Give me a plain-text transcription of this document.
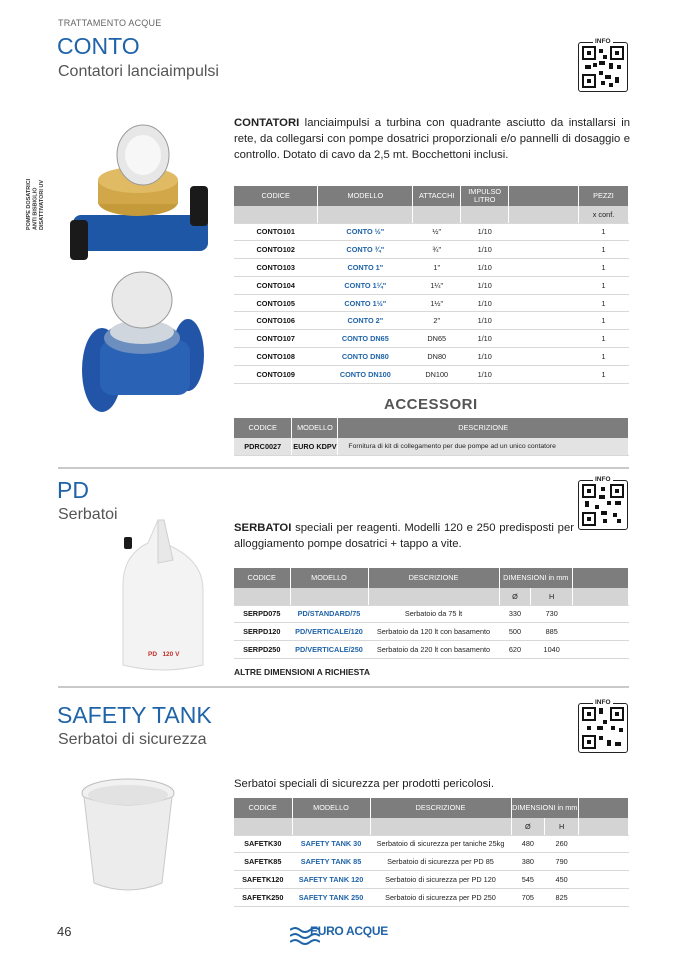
TRATTAMENTO ACQUE
POMPE DOSATRICI
ANTI BISBIGLIO
DISATTIVATORI UV
CONTO
Contatori lanciaimpulsi
INFO
CONTATORI lanciaimpulsi a turbina con quadrante asciutto da installarsi in rete, da collegarsi con pompe dosatrici proporzionali e/o pannelli di dosaggio e controllo. Dotato di cavo da 2,5 mt. Bocchettoni inclusi.
CODICE	MODELLO	ATTACCHI	IMPULSO LITRO		PEZZI
					x conf.
CONTO101	CONTO ½"	½"	1/10		1
CONTO102	CONTO ¾"	¾"	1/10		1
CONTO103	CONTO 1"	1"	1/10		1
CONTO104	CONTO 1¼"	1¼"	1/10		1
CONTO105	CONTO 1½"	1½"	1/10		1
CONTO106	CONTO 2"	2"	1/10		1
CONTO107	CONTO DN65	DN65	1/10		1
CONTO108	CONTO DN80	DN80	1/10		1
CONTO109	CONTO DN100	DN100	1/10		1
ACCESSORI
CODICE	MODELLO	DESCRIZIONE
PDRC0027	EURO KDPV	Fornitura di kit di collegamento per due pompe ad un unico contatore
PD
Serbatoi
INFO
PD   120 V
SERBATOI speciali per reagenti. Modelli 120 e 250 predisposti per alloggiamento pompe dosatrici + tappo a vite.
CODICE	MODELLO	DESCRIZIONE	DIMENSIONI in mm		
			Ø	H	
SERPD075	PD/STANDARD/75	Serbatoio da 75 lt	330	730	
SERPD120	PD/VERTICALE/120	Serbatoio da 120 lt con basamento	500	885	
SERPD250	PD/VERTICALE/250	Serbatoio da 220 lt con basamento	620	1040	
ALTRE DIMENSIONI A RICHIESTA
SAFETY TANK
Serbatoi di sicurezza
INFO
Serbatoi speciali di sicurezza per prodotti pericolosi.
CODICE	MODELLO	DESCRIZIONE	DIMENSIONI in mm		
			Ø	H	
SAFETK30	SAFETY TANK 30	Serbatoio di sicurezza per taniche 25kg	480	260	
SAFETK85	SAFETY TANK 85	Serbatoio di sicurezza per PD 85	380	790	
SAFETK120	SAFETY TANK 120	Serbatoio di sicurezza per PD 120	545	450	
SAFETK250	SAFETY TANK 250	Serbatoio di sicurezza per PD 250	705	825	
46	EURO ACQUE
